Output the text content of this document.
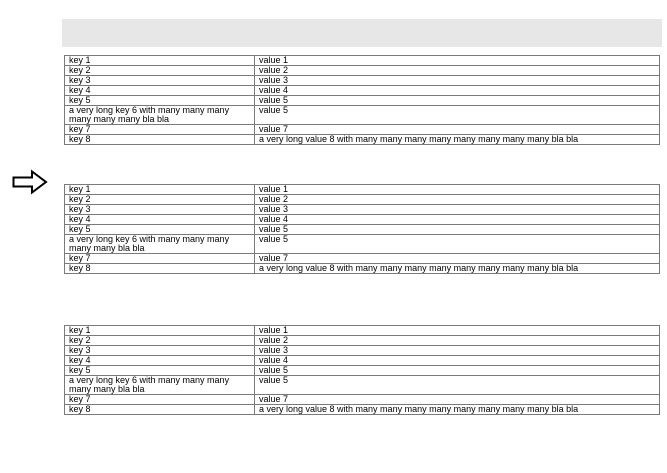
key 1	value 1
key 2	value 2
key 3	value 3
key 4	value 4
key 5	value 5
a very long key 6 with many many many many many many bla bla	value 5
key 7	value 7
key 8	a very long value 8 with many many many many many many many many bla bla
key 1	value 1
key 2	value 2
key 3	value 3
key 4	value 4
key 5	value 5
a very long key 6 with many many many many many bla bla	value 5
key 7	value 7
key 8	a very long value 8 with many many many many many many many many bla bla
key 1	value 1
key 2	value 2
key 3	value 3
key 4	value 4
key 5	value 5
a very long key 6 with many many many many many bla bla	value 5
key 7	value 7
key 8	a very long value 8 with many many many many many many many many bla bla
